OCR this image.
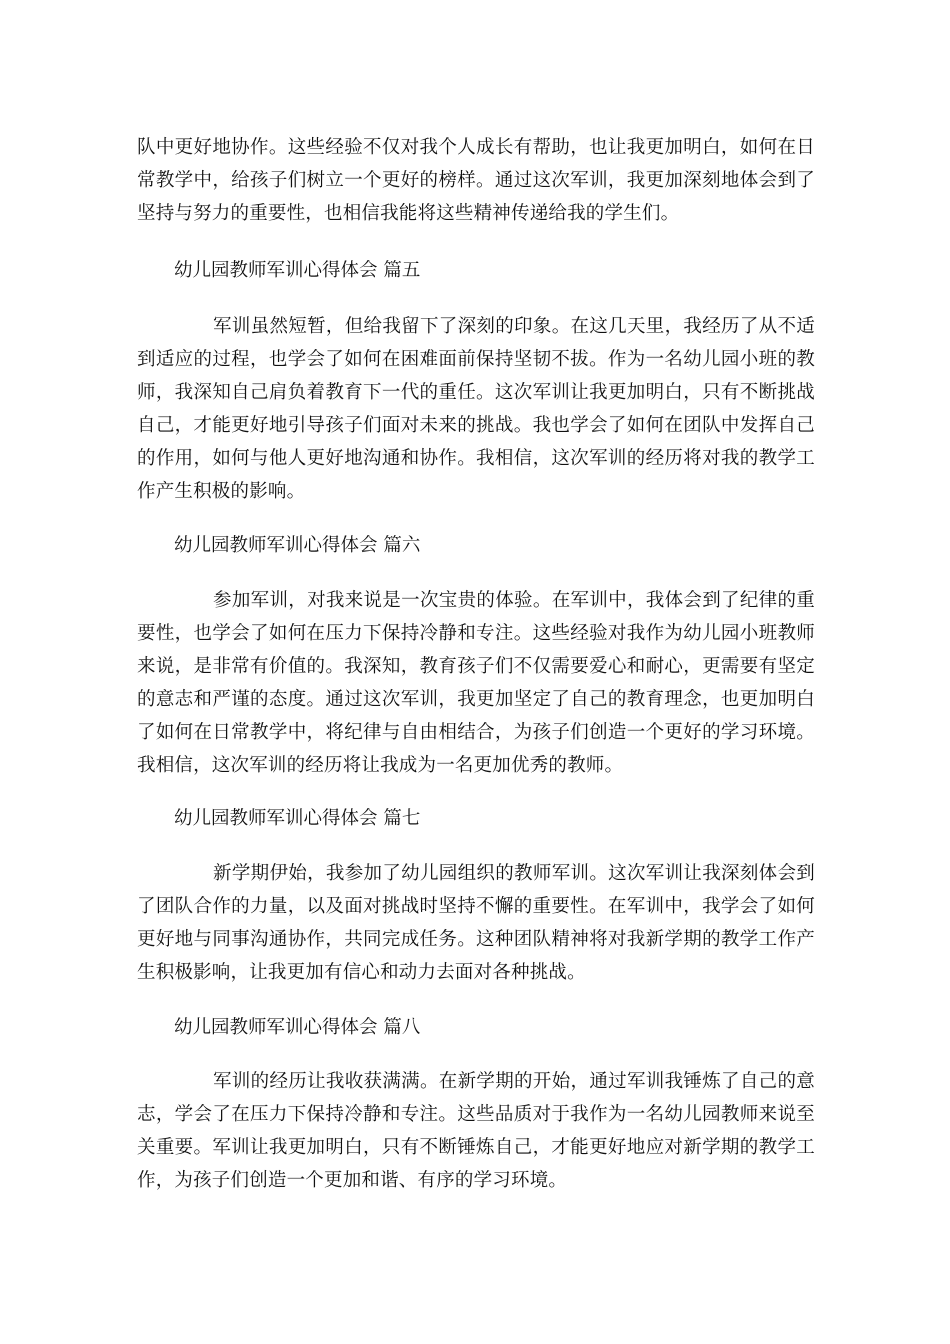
队中更好地协作。这些经验不仅对我个人成长有帮助，也让我更加明白，如何在日常教学中，给孩子们树立一个更好的榜样。通过这次军训，我更加深刻地体会到了坚持与努力的重要性，也相信我能将这些精神传递给我的学生们。

幼儿园教师军训心得体会 篇五

军训虽然短暂，但给我留下了深刻的印象。在这几天里，我经历了从不适到适应的过程，也学会了如何在困难面前保持坚韧不拔。作为一名幼儿园小班的教师，我深知自己肩负着教育下一代的重任。这次军训让我更加明白，只有不断挑战自己，才能更好地引导孩子们面对未来的挑战。我也学会了如何在团队中发挥自己的作用，如何与他人更好地沟通和协作。我相信，这次军训的经历将对我的教学工作产生积极的影响。

幼儿园教师军训心得体会 篇六

参加军训，对我来说是一次宝贵的体验。在军训中，我体会到了纪律的重要性，也学会了如何在压力下保持冷静和专注。这些经验对我作为幼儿园小班教师来说，是非常有价值的。我深知，教育孩子们不仅需要爱心和耐心，更需要有坚定的意志和严谨的态度。通过这次军训，我更加坚定了自己的教育理念，也更加明白了如何在日常教学中，将纪律与自由相结合，为孩子们创造一个更好的学习环境。我相信，这次军训的经历将让我成为一名更加优秀的教师。

幼儿园教师军训心得体会 篇七

新学期伊始，我参加了幼儿园组织的教师军训。这次军训让我深刻体会到了团队合作的力量，以及面对挑战时坚持不懈的重要性。在军训中，我学会了如何更好地与同事沟通协作，共同完成任务。这种团队精神将对我新学期的教学工作产生积极影响，让我更加有信心和动力去面对各种挑战。

幼儿园教师军训心得体会 篇八

军训的经历让我收获满满。在新学期的开始，通过军训我锤炼了自己的意志，学会了在压力下保持冷静和专注。这些品质对于我作为一名幼儿园教师来说至关重要。军训让我更加明白，只有不断锤炼自己，才能更好地应对新学期的教学工作，为孩子们创造一个更加和谐、有序的学习环境。
